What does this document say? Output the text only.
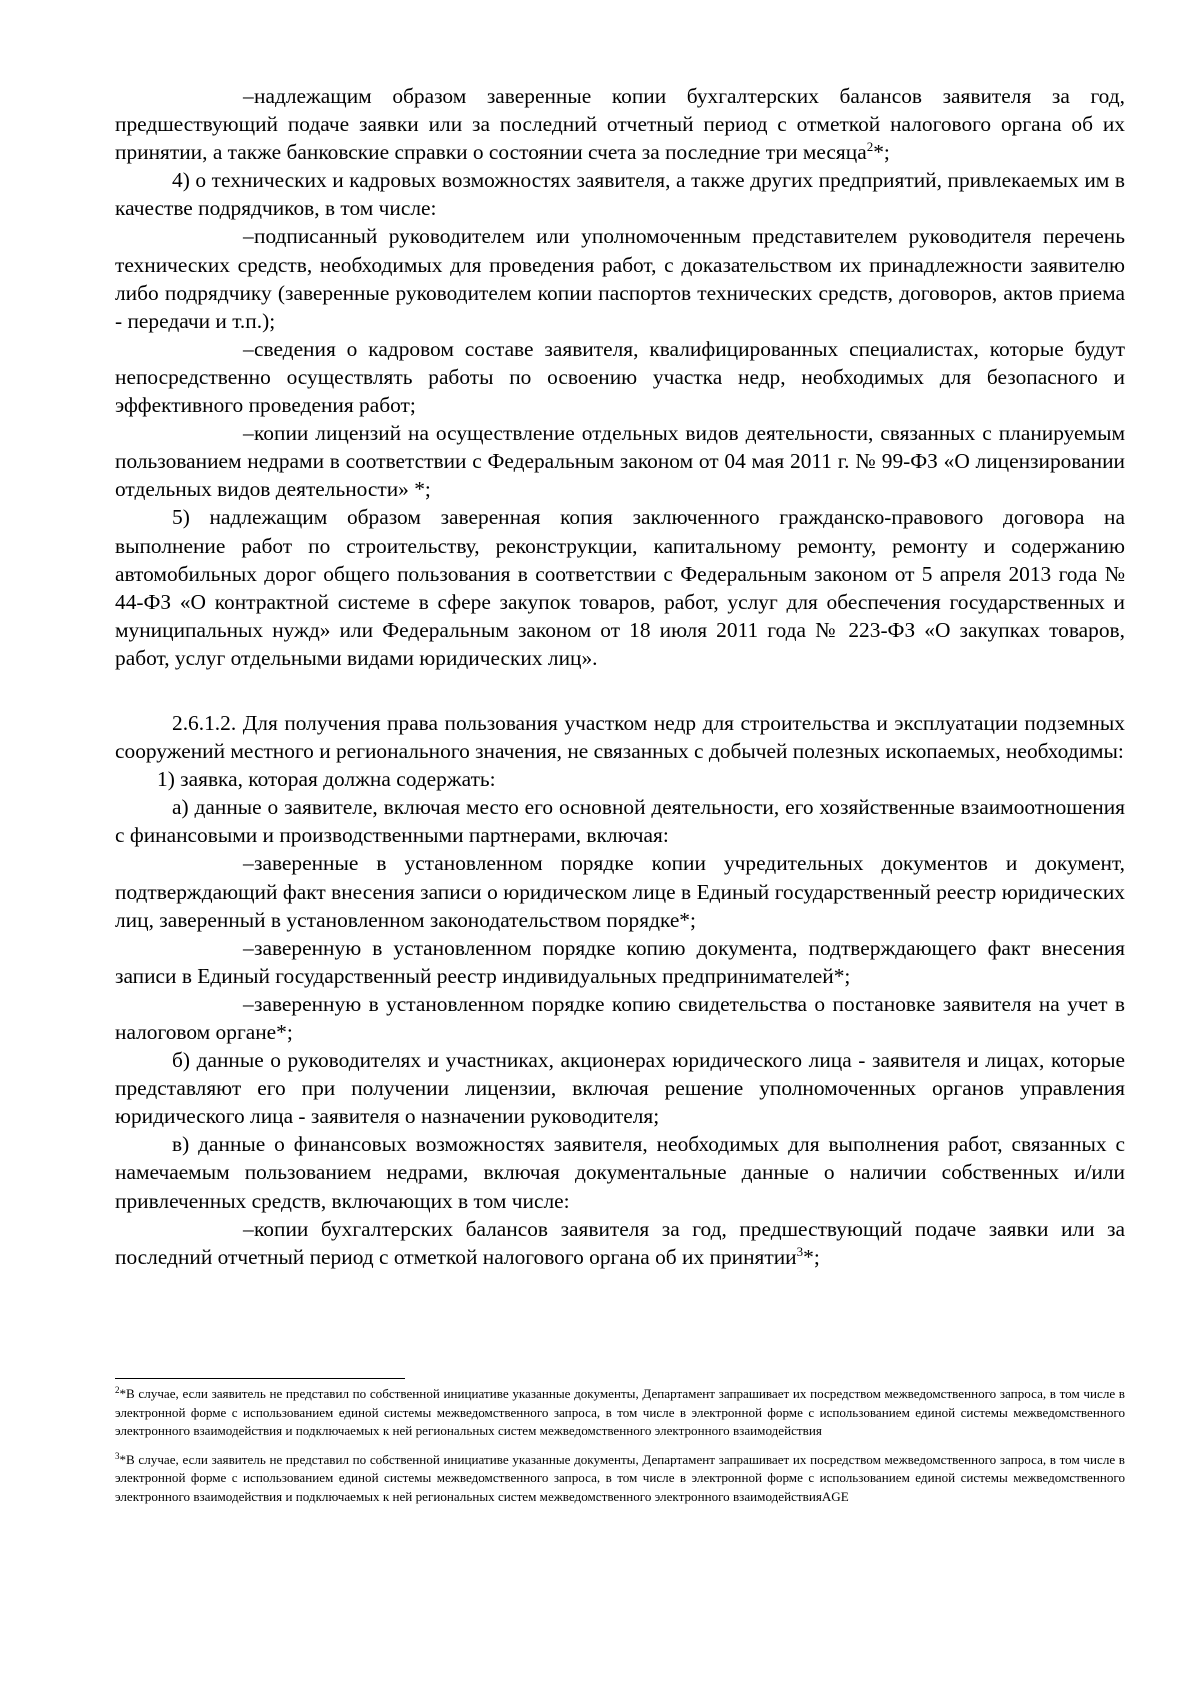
–надлежащим образом заверенные копии бухгалтерских балансов заявителя за год, предшествующий подаче заявки или за последний отчетный период с отметкой налогового органа об их принятии, а также банковские справки о состоянии счета за последние три месяца$^2$*;

4) о технических и кадровых возможностях заявителя, а также других предприятий, привлекаемых им в качестве подрядчиков, в том числе:

–подписанный руководителем или уполномоченным представителем руководителя перечень технических средств, необходимых для проведения работ, с доказательством их принадлежности заявителю либо подрядчику (заверенные руководителем копии паспортов технических средств, договоров, актов приема - передачи и т.п.);

–сведения о кадровом составе заявителя, квалифицированных специалистах, которые будут непосредственно осуществлять работы по освоению участка недр, необходимых для безопасного и эффективного проведения работ;

–копии лицензий на осуществление отдельных видов деятельности, связанных с планируемым пользованием недрами в соответствии с Федеральным законом от 04 мая 2011 г. № 99-ФЗ «О лицензировании отдельных видов деятельности» *;

5) надлежащим образом заверенная копия заключенного гражданско-правового договора на выполнение работ по строительству, реконструкции, капитальному ремонту, ремонту и содержанию автомобильных дорог общего пользования в соответствии с Федеральным законом от 5 апреля 2013 года № 44-ФЗ «О контрактной системе в сфере закупок товаров, работ, услуг для обеспечения государственных и муниципальных нужд» или Федеральным законом от 18 июля 2011 года № 223-ФЗ «О закупках товаров, работ, услуг отдельными видами юридических лиц».

2.6.1.2. Для получения права пользования участком недр для строительства и эксплуатации подземных сооружений местного и регионального значения, не связанных с добычей полезных ископаемых, необходимы:

1) заявка, которая должна содержать:

а) данные о заявителе, включая место его основной деятельности, его хозяйственные взаимоотношения с финансовыми и производственными партнерами, включая:

–заверенные в установленном порядке копии учредительных документов и документ, подтверждающий факт внесения записи о юридическом лице в Единый государственный реестр юридических лиц, заверенный в установленном законодательством порядке*;

–заверенную в установленном порядке копию документа, подтверждающего факт внесения записи в Единый государственный реестр индивидуальных предпринимателей*;

–заверенную в установленном порядке копию свидетельства о постановке заявителя на учет в налоговом органе*;

б) данные о руководителях и участниках, акционерах юридического лица - заявителя и лицах, которые представляют его при получении лицензии, включая решение уполномоченных органов управления юридического лица - заявителя о назначении руководителя;

в) данные о финансовых возможностях заявителя, необходимых для выполнения работ, связанных с намечаемым пользованием недрами, включая документальные данные о наличии собственных и/или привлеченных средств, включающих в том числе:

–копии бухгалтерских балансов заявителя за год, предшествующий подаче заявки или за последний отчетный период с отметкой налогового органа об их принятии$^3$*;

$^2$*В случае, если заявитель не представил по собственной инициативе указанные документы, Департамент запрашивает их посредством межведомственного запроса, в том числе в электронной форме с использованием единой системы межведомственного запроса, в том числе в электронной форме с использованием единой системы межведомственного электронного взаимодействия и подключаемых к ней региональных систем межведомственного электронного взаимодействия

$^3$*В случае, если заявитель не представил по собственной инициативе указанные документы, Департамент запрашивает их посредством межведомственного запроса, в том числе в электронной форме с использованием единой системы межведомственного запроса, в том числе в электронной форме с использованием единой системы межведомственного электронного взаимодействия и подключаемых к ней региональных систем межведомственного электронного взаимодействияAGE
